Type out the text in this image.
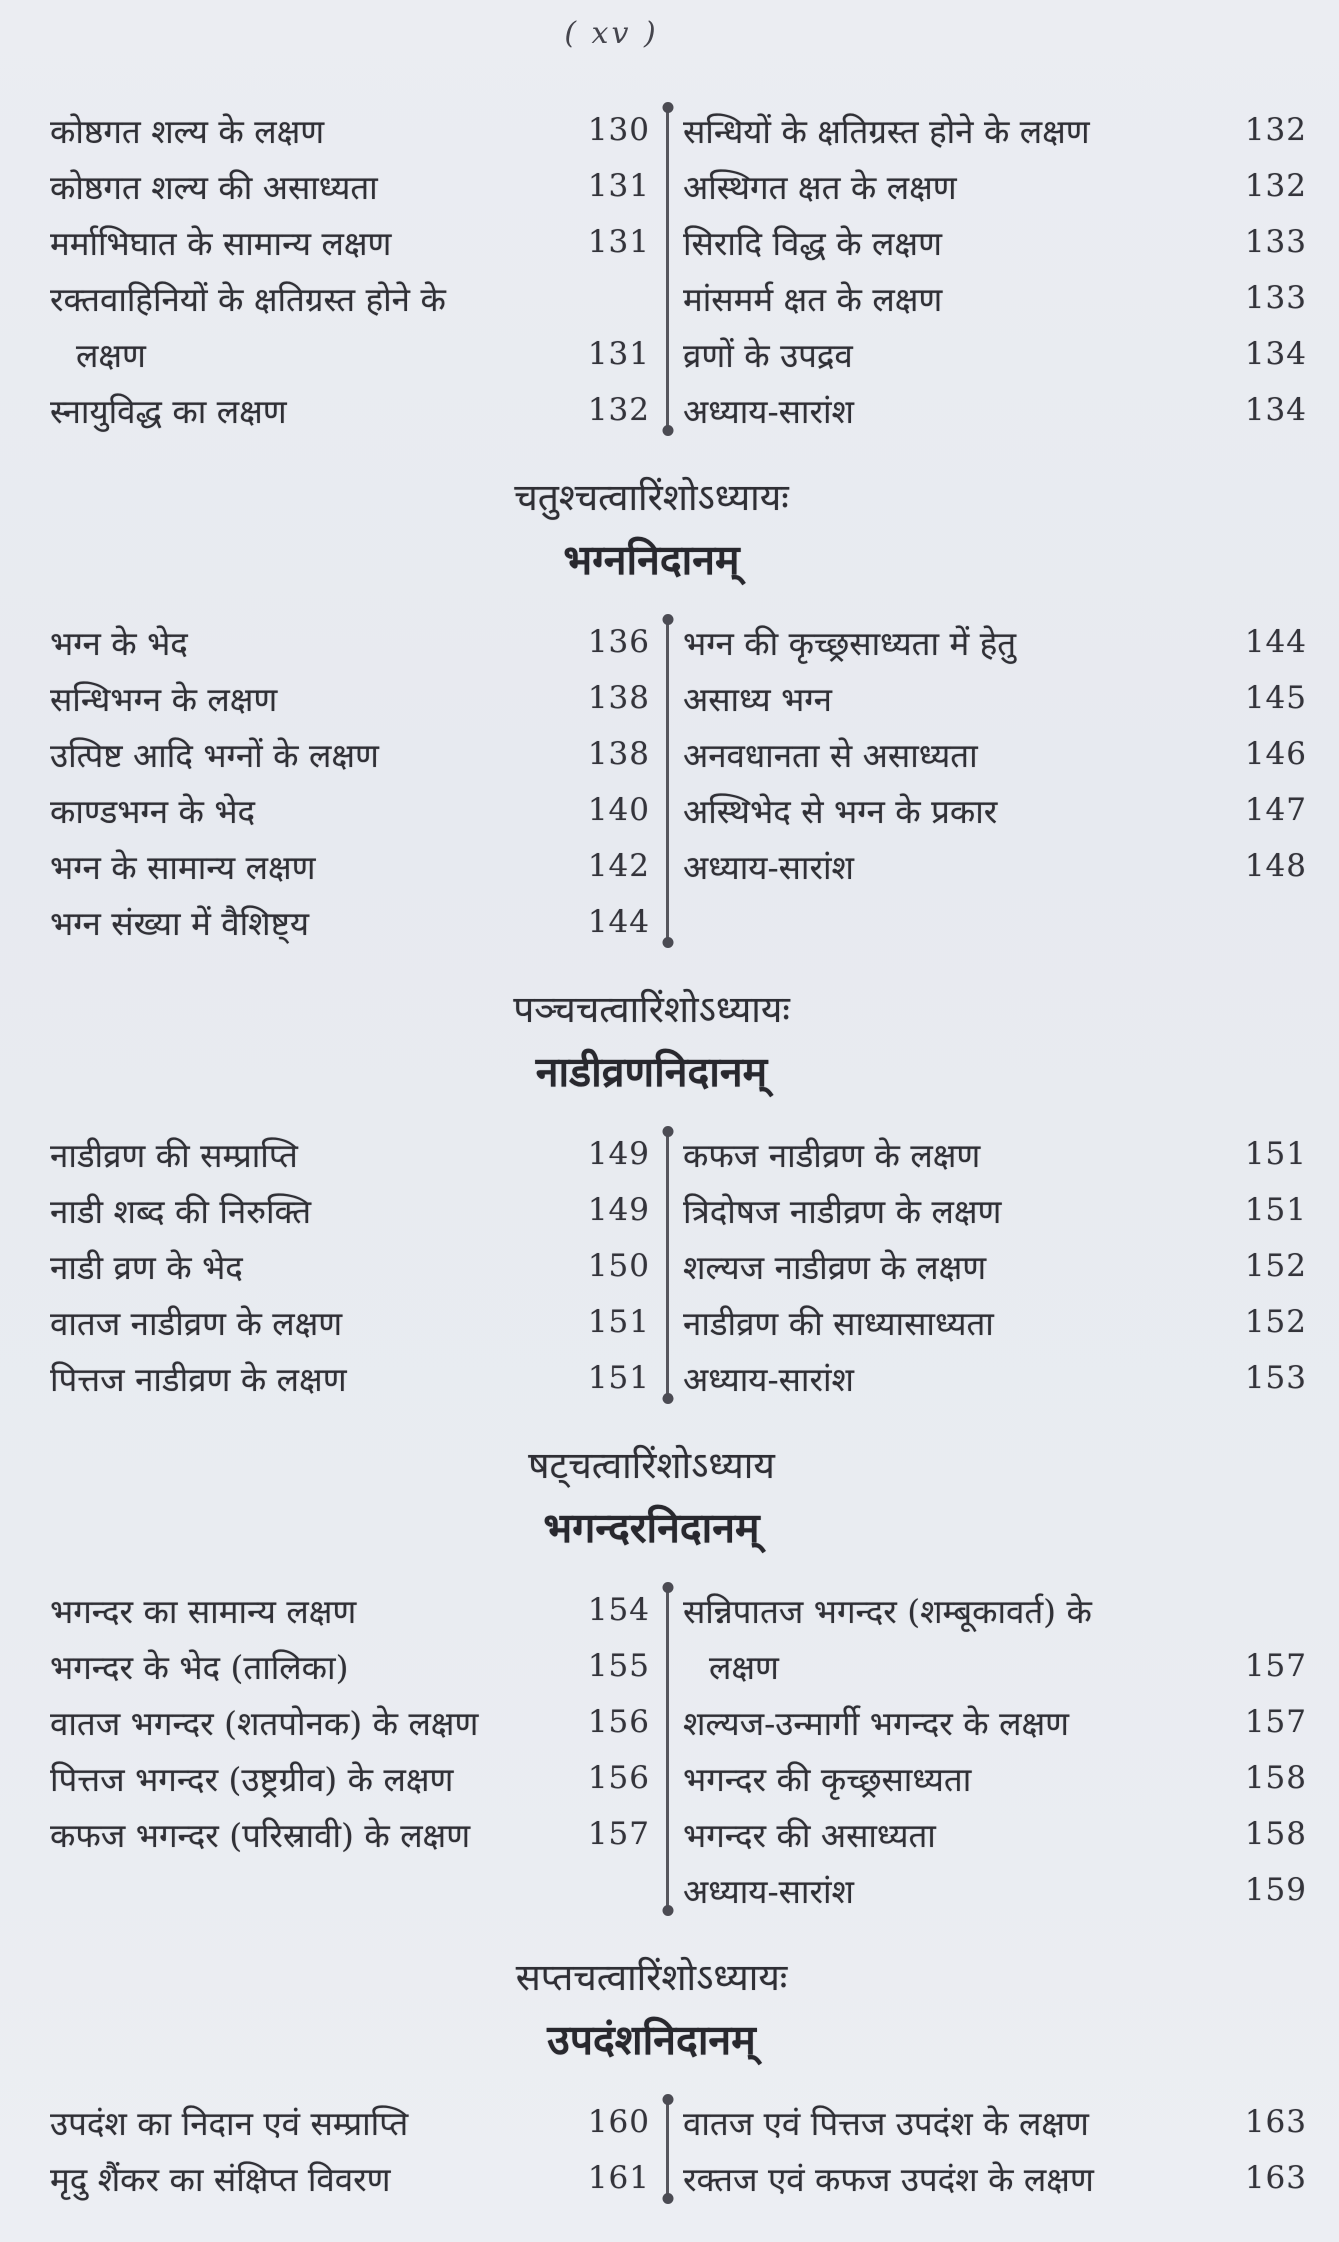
( xv )
कोष्ठगत शल्य के लक्षण	130
कोष्ठगत शल्य की असाध्यता	131
मर्माभिघात के सामान्य लक्षण	131
रक्तवाहिनियों के क्षतिग्रस्त होने के
लक्षण	131
स्नायुविद्ध का लक्षण	132
सन्धियों के क्षतिग्रस्त होने के लक्षण	132
अस्थिगत क्षत के लक्षण	132
सिरादि विद्ध के लक्षण	133
मांसमर्म क्षत के लक्षण	133
व्रणों के उपद्रव	134
अध्याय-सारांश	134
चतुश्चत्वारिंशोऽध्यायः
भग्ननिदानम्
भग्न के भेद	136
सन्धिभग्न के लक्षण	138
उत्पिष्ट आदि भग्नों के लक्षण	138
काण्डभग्न के भेद	140
भग्न के सामान्य लक्षण	142
भग्न संख्या में वैशिष्ट्य	144
भग्न की कृच्छ्रसाध्यता में हेतु	144
असाध्य भग्न	145
अनवधानता से असाध्यता	146
अस्थिभेद से भग्न के प्रकार	147
अध्याय-सारांश	148
पञ्चचत्वारिंशोऽध्यायः
नाडीव्रणनिदानम्
नाडीव्रण की सम्प्राप्ति	149
नाडी शब्द की निरुक्ति	149
नाडी व्रण के भेद	150
वातज नाडीव्रण के लक्षण	151
पित्तज नाडीव्रण के लक्षण	151
कफज नाडीव्रण के लक्षण	151
त्रिदोषज नाडीव्रण के लक्षण	151
शल्यज नाडीव्रण के लक्षण	152
नाडीव्रण की साध्यासाध्यता	152
अध्याय-सारांश	153
षट्चत्वारिंशोऽध्याय
भगन्दरनिदानम्
भगन्दर का सामान्य लक्षण	154
भगन्दर के भेद (तालिका)	155
वातज भगन्दर (शतपोनक) के लक्षण	156
पित्तज भगन्दर (उष्ट्रग्रीव) के लक्षण	156
कफज भगन्दर (परिस्रावी) के लक्षण	157
सन्निपातज भगन्दर (शम्बूकावर्त) के
लक्षण	157
शल्यज-उन्मार्गी भगन्दर के लक्षण	157
भगन्दर की कृच्छ्रसाध्यता	158
भगन्दर की असाध्यता	158
अध्याय-सारांश	159
सप्तचत्वारिंशोऽध्यायः
उपदंशनिदानम्
उपदंश का निदान एवं सम्प्राप्ति	160
मृदु शैंकर का संक्षिप्त विवरण	161
वातज एवं पित्तज उपदंश के लक्षण	163
रक्तज एवं कफज उपदंश के लक्षण	163
